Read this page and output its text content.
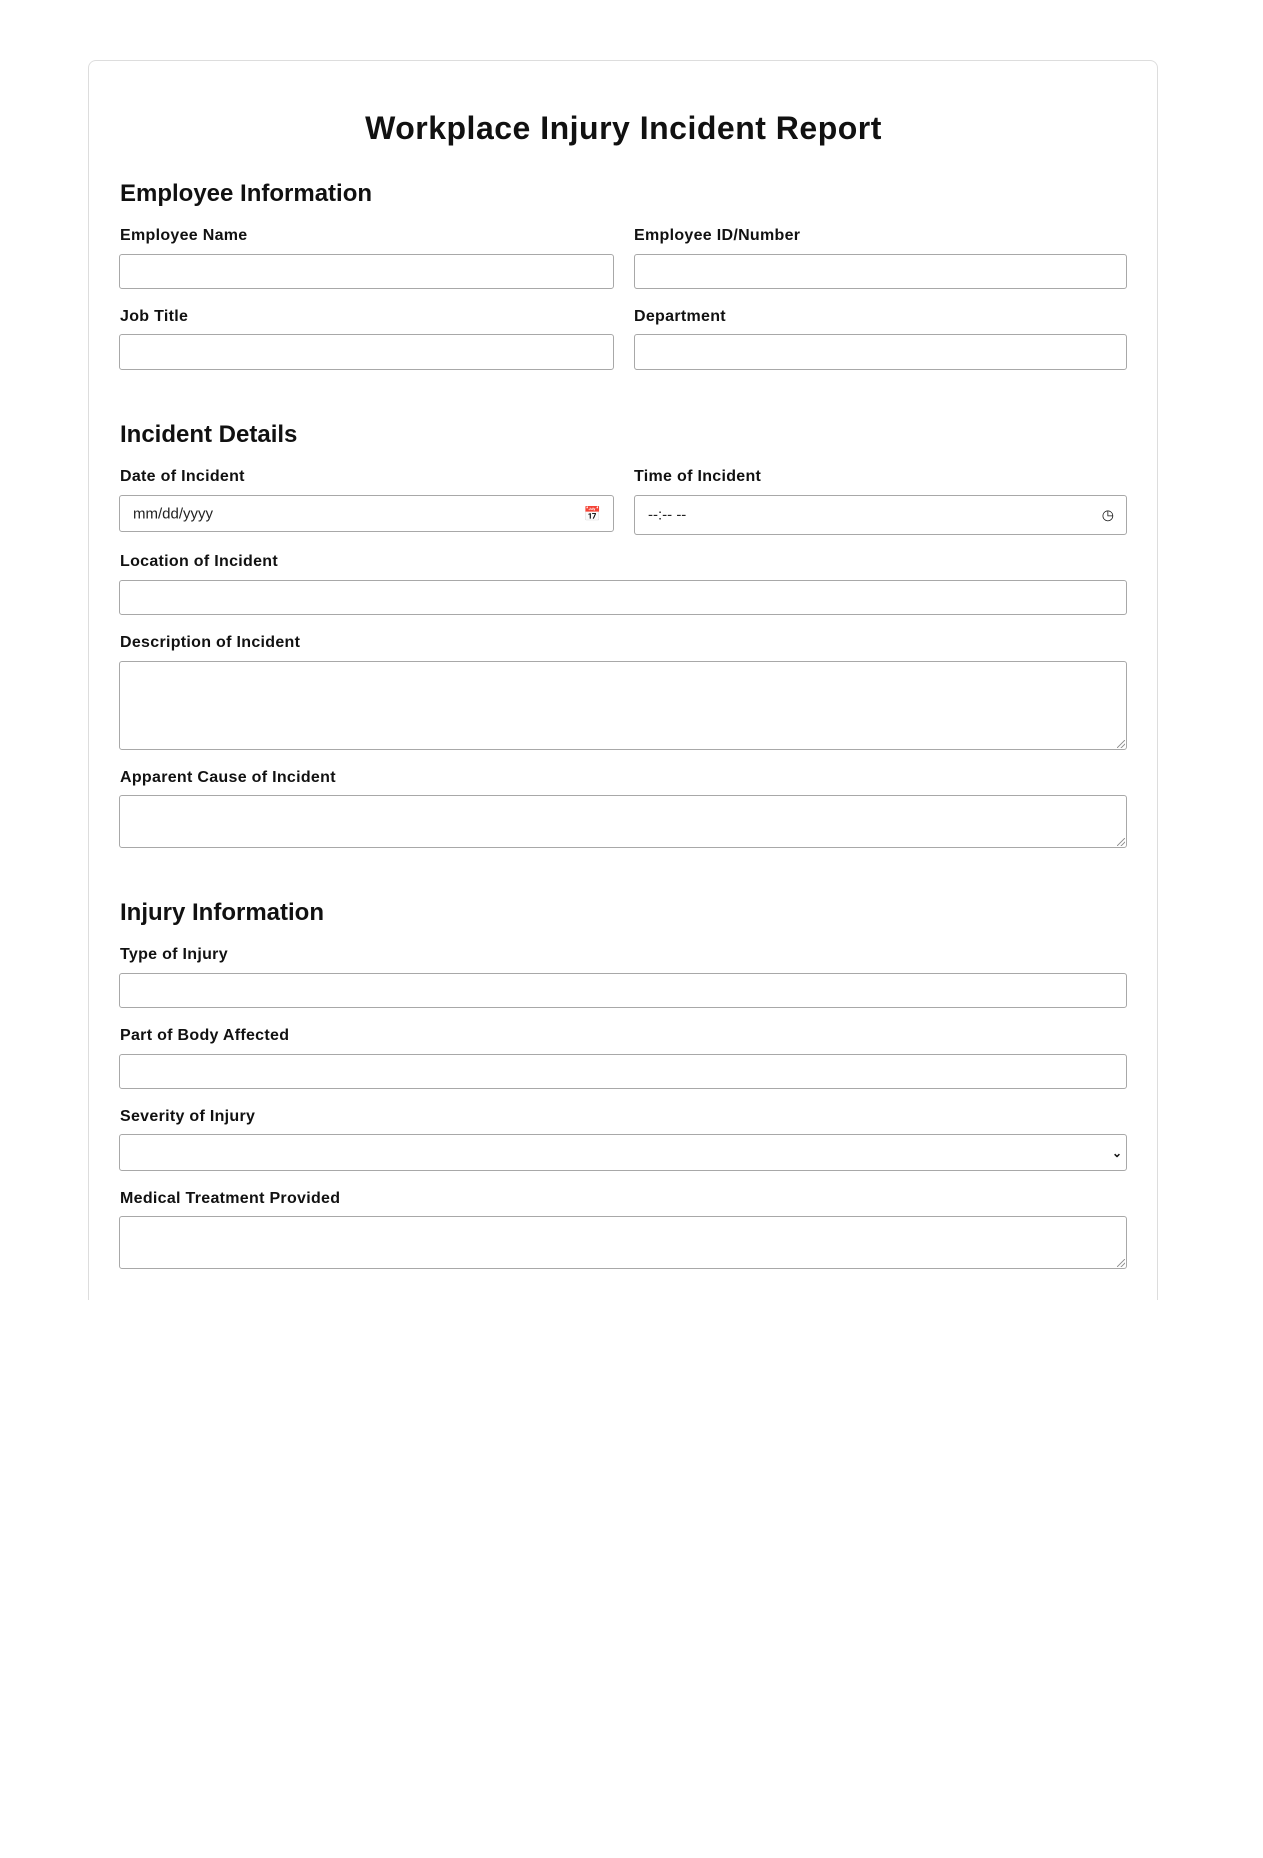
Workplace Injury Incident Report
Employee Information
Employee Name	Employee ID/Number
Job Title	Department
Incident Details
Date of Incident	Time of Incident
mm/dd/yyyy	📅	--:-- --	◷
Location of Incident
Description of Incident
Apparent Cause of Incident
Injury Information
Type of Injury
Part of Body Affected
Severity of Injury
⌄
Medical Treatment Provided
